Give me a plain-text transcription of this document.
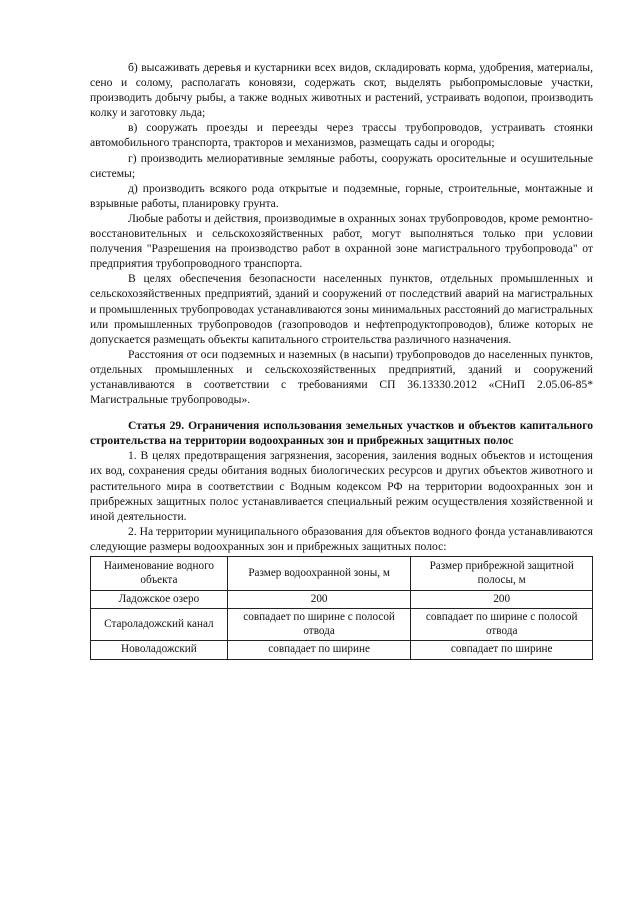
б) высаживать деревья и кустарники всех видов, складировать корма, удобрения, материалы, сено и солому, располагать коновязи, содержать скот, выделять рыбопромысловые участки, производить добычу рыбы, а также водных животных и растений, устраивать водопои, производить колку и заготовку льда;

в) сооружать проезды и переезды через трассы трубопроводов, устраивать стоянки автомобильного транспорта, тракторов и механизмов, размещать сады и огороды;

г) производить мелиоративные земляные работы, сооружать оросительные и осушительные системы;

д) производить всякого рода открытые и подземные, горные, строительные, монтажные и взрывные работы, планировку грунта.

Любые работы и действия, производимые в охранных зонах трубопроводов, кроме ремонтно-восстановительных и сельскохозяйственных работ, могут выполняться только при условии получения "Разрешения на производство работ в охранной зоне магистрального трубопровода" от предприятия трубопроводного транспорта.

В целях обеспечения безопасности населенных пунктов, отдельных промышленных и сельскохозяйственных предприятий, зданий и сооружений от последствий аварий на магистральных и промышленных трубопроводах устанавливаются зоны минимальных расстояний до магистральных или промышленных трубопроводов (газопроводов и нефтепродуктопроводов), ближе которых не допускается размещать объекты капитального строительства различного назначения.

Расстояния от оси подземных и наземных (в насыпи) трубопроводов до населенных пунктов, отдельных промышленных и сельскохозяйственных предприятий, зданий и сооружений устанавливаются в соответствии с требованиями СП 36.13330.2012 «СНиП 2.05.06-85* Магистральные трубопроводы».

Статья 29. Ограничения использования земельных участков и объектов капитального строительства на территории водоохранных зон и прибрежных защитных полос

1. В целях предотвращения загрязнения, засорения, заиления водных объектов и истощения их вод, сохранения среды обитания водных биологических ресурсов и других объектов животного и растительного мира в соответствии с Водным кодексом РФ на территории водоохранных зон и прибрежных защитных полос устанавливается специальный режим осуществления хозяйственной и иной деятельности.

2. На территории муниципального образования для объектов водного фонда устанавливаются следующие размеры водоохранных зон и прибрежных защитных полос:

Наименование водного объекта	Размер водоохранной зоны, м	Размер прибрежной защитной полосы, м
Ладожское озеро	200	200
Староладожский канал	совпадает по ширине с полосой отвода	совпадает по ширине с полосой отвода
Новоладожский	совпадает по ширине	совпадает по ширине
